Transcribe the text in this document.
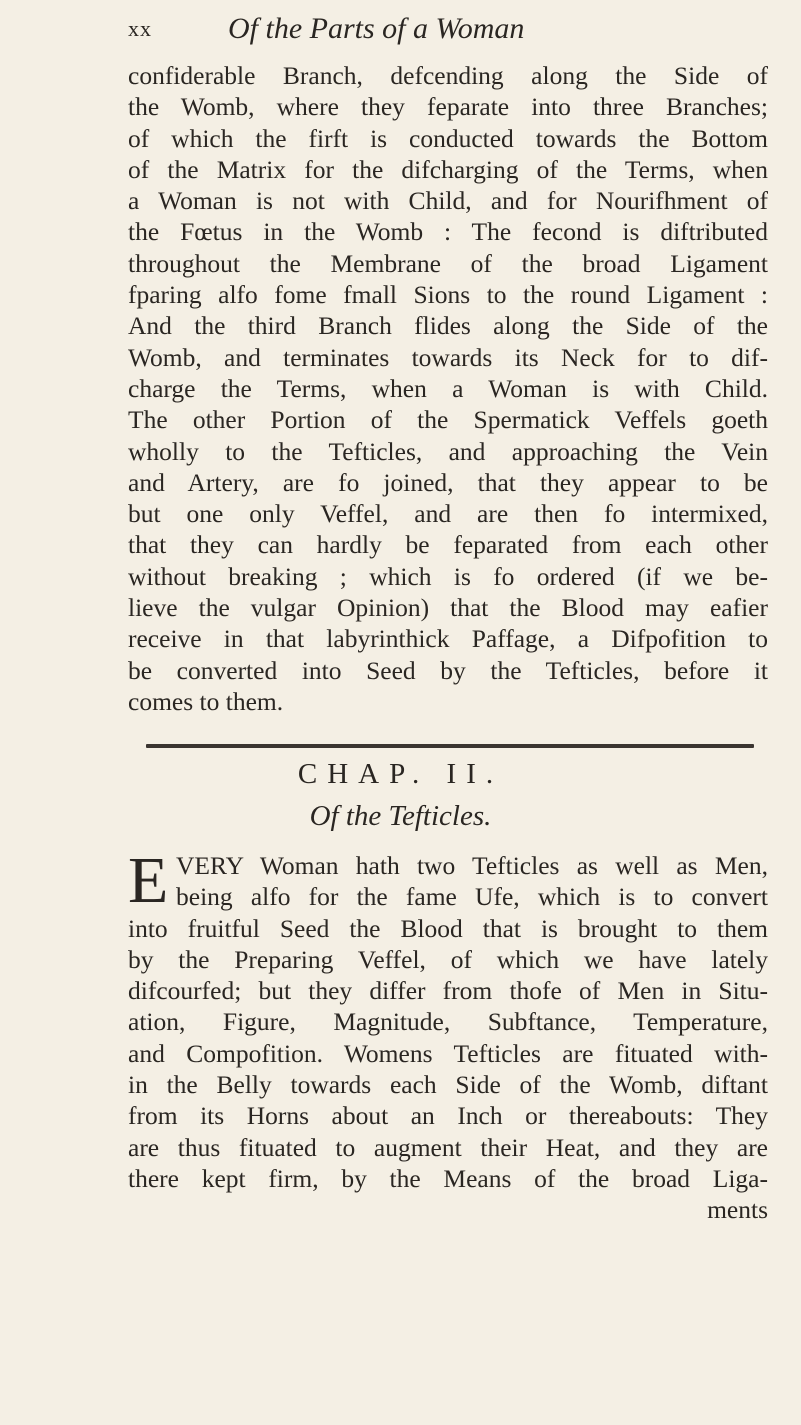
xx	Of the Parts of a Woman
confiderable Branch, defcending along the Side of
the Womb, where they feparate into three Branches;
of which the firft is conducted towards the Bottom
of the Matrix for the difcharging of the Terms, when
a Woman is not with Child, and for Nourifhment of
the Fœtus in the Womb : The fecond is diftributed
throughout the Membrane of the broad Ligament
fparing alfo fome fmall Sions to the round Ligament :
And the third Branch flides along the Side of the
Womb, and terminates towards its Neck for to dif-
charge the Terms, when a Woman is with Child.
The other Portion of the Spermatick Veffels goeth
wholly to the Tefticles, and approaching the Vein
and Artery, are fo joined, that they appear to be
but one only Veffel, and are then fo intermixed,
that they can hardly be feparated from each other
without breaking ; which is fo ordered (if we be-
lieve the vulgar Opinion) that the Blood may eafier
receive in that labyrinthick Paffage, a Difpofition to
be converted into Seed by the Tefticles, before it
comes to them.
CHAP. II.
Of the Tefticles.
E VERY Woman hath two Tefticles as well as Men,
being alfo for the fame Ufe, which is to convert
into fruitful Seed the Blood that is brought to them
by the Preparing Veffel, of which we have lately
difcourfed; but they differ from thofe of Men in Situ-
ation, Figure, Magnitude, Subftance, Temperature,
and Compofition. Womens Tefticles are fituated with-
in the Belly towards each Side of the Womb, diftant
from its Horns about an Inch or thereabouts: They
are thus fituated to augment their Heat, and they are
there kept firm, by the Means of the broad Liga-
ments
